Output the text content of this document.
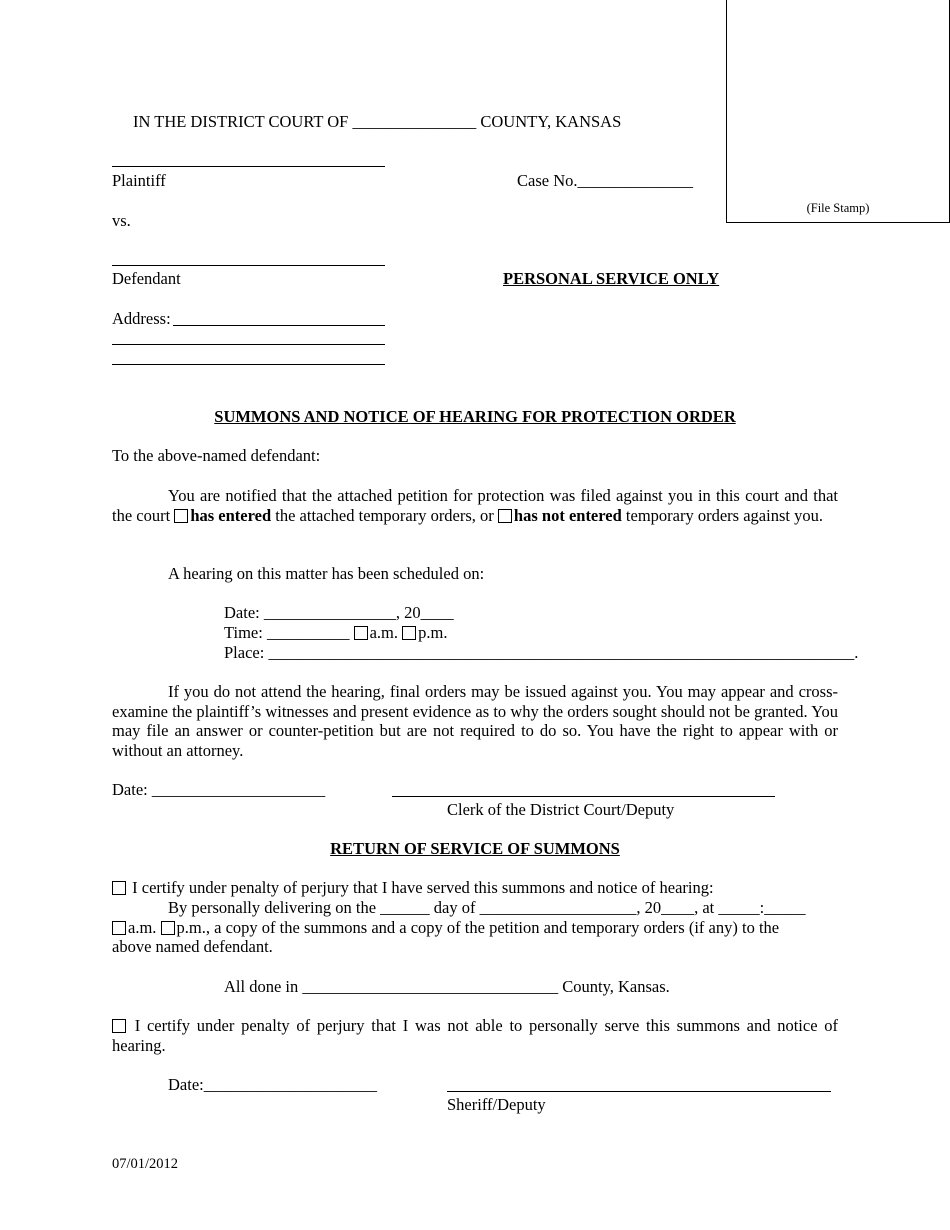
(File Stamp)
IN THE DISTRICT COURT OF _______________ COUNTY, KANSAS
Plaintiff	Case No.______________
vs.
Defendant	PERSONAL SERVICE ONLY
Address:
SUMMONS AND NOTICE OF HEARING FOR PROTECTION ORDER
To the above-named defendant:
You are notified that the attached petition for protection was filed against you in this court and that the court has entered the attached temporary orders, or has not entered temporary orders against you.
A hearing on this matter has been scheduled on:
Date: ________________, 20____
Time: __________ a.m. p.m.
Place: _______________________________________________________________________.
If you do not attend the hearing, final orders may be issued against you. You may appear and cross-examine the plaintiff’s witnesses and present evidence as to why the orders sought should not be granted. You may file an answer or counter-petition but are not required to do so. You have the right to appear with or without an attorney.
Date: _____________________
Clerk of the District Court/Deputy
RETURN OF SERVICE OF SUMMONS
I certify under penalty of perjury that I have served this summons and notice of hearing:
By personally delivering on the ______ day of ___________________, 20____, at _____:_____
a.m. p.m., a copy of the summons and a copy of the petition and temporary orders (if any) to the
above named defendant.
All done in _______________________________ County, Kansas.
I certify under penalty of perjury that I was not able to personally serve this summons and notice of hearing.
Date:_____________________
Sheriff/Deputy
07/01/2012
